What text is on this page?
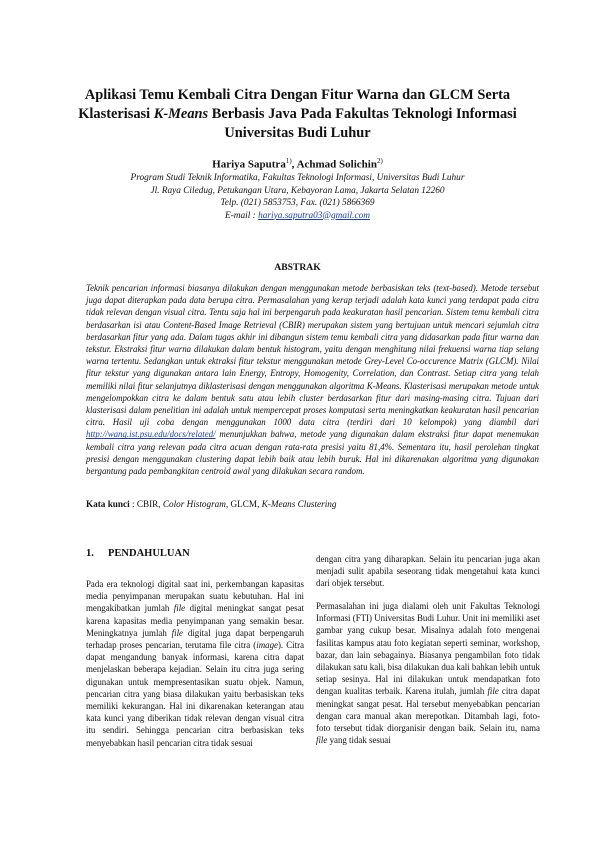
Aplikasi Temu Kembali Citra Dengan Fitur Warna dan GLCM Serta

Klasterisasi K-Means Berbasis Java Pada Fakultas Teknologi Informasi

Universitas Budi Luhur

Hariya Saputra$^{1)}$, Achmad Solichin$^{2)}$

Program Studi Teknik Informatika, Fakultas Teknologi Informasi, Universitas Budi Luhur

Jl. Raya Ciledug, Petukangan Utara, Kebayoran Lama, Jakarta Selatan 12260

Telp. (021) 5853753, Fax. (021) 5866369

E-mail : hariya.saputra03@gmail.com

ABSTRAK

Teknik pencarian informasi biasanya dilakukan dengan menggunakan metode berbasiskan teks (text-based). Metode tersebut juga dapat diterapkan pada data berupa citra. Permasalahan yang kerap terjadi adalah kata kunci yang terdapat pada citra tidak relevan dengan visual citra. Tentu saja hal ini berpengaruh pada keakuratan hasil pencarian. Sistem temu kembali citra berdasarkan isi atau Content-Based Image Retrieval (CBIR) merupakan sistem yang bertujuan untuk mencari sejumlah citra berdasarkan fitur yang ada. Dalam tugas akhir ini dibangun sistem temu kembali citra yang didasarkan pada fitur warna dan tekstur. Ekstraksi fitur warna dilakukan dalam bentuk histogram, yaitu dengan menghitung nilai frekuensi warna tiap selang warna tertentu. Sedangkan untuk ektraksi fitur tekstur menggunakan metode Grey-Level Co-occurence Matrix (GLCM). Nilai fitur tekstur yang digunakan antara lain Energy, Entropy, Homogenity, Correlation, dan Contrast. Setiap citra yang telah memiliki nilai fitur selanjutnya diklasterisasi dengan menggunakan algoritma K-Means. Klasterisasi merupakan metode untuk mengelompokkan citra ke dalam bentuk satu atau lebih cluster berdasarkan fitur dari masing-masing citra. Tujuan dari klasterisasi dalam penelitian ini adalah untuk mempercepat proses komputasi serta meningkatkan keakuratan hasil pencarian citra. Hasil uji coba dengan menggunakan 1000 data citra (terdiri dari 10 kelompok) yang diambil dari http://wang.ist.psu.edu/docs/related/ menunjukkan bahwa, metode yang digunakan dalam ekstraksi fitur dapat menemukan kembali citra yang relevan pada citra acuan dengan rata-rata presisi yaitu 81,4%. Sementara itu, hasil perolehan tingkat presisi dengan menggunakan clustering dapat lebih baik atau lebih buruk. Hal ini dikarenakan algoritma yang digunakan bergantung pada pembangkitan centroid awal yang dilakukan secara random.

Kata kunci : CBIR, Color Histogram, GLCM, K-Means Clustering
1. PENDAHULUAN

Pada era teknologi digital saat ini, perkembangan kapasitas media penyimpanan merupakan suatu kebutuhan. Hal ini mengakibatkan jumlah file digital meningkat sangat pesat karena kapasitas media penyimpanan yang semakin besar. Meningkatnya jumlah file digital juga dapat berpengaruh terhadap proses pencarian, terutama file citra (image). Citra dapat mengandung banyak informasi, karena citra dapat menjelaskan beberapa kejadian. Selain itu citra juga sering digunakan untuk mempresentasikan suatu objek. Namun, pencarian citra yang biasa dilakukan yaitu berbasiskan teks memiliki kekurangan. Hal ini dikarenakan keterangan atau kata kunci yang diberikan tidak relevan dengan visual citra itu sendiri. Sehingga pencarian citra berbasiskan teks menyebabkan hasil pencarian citra tidak sesuai

dengan citra yang diharapkan. Selain itu pencarian juga akan menjadi sulit apabila seseorang tidak mengetahui kata kunci dari objek tersebut.

Permasalahan ini juga dialami oleh unit Fakultas Teknologi Informasi (FTI) Universitas Budi Luhur. Unit ini memiliki aset gambar yang cukup besar. Misalnya adalah foto mengenai fasilitas kampus atau foto kegiatan seperti seminar, workshop, bazar, dan lain sebagainya. Biasanya pengambilan foto tidak dilakukan satu kali, bisa dilakukan dua kali bahkan lebih untuk setiap sesinya. Hal ini dilakukan untuk mendapatkan foto dengan kualitas terbaik. Karena itulah, jumlah file citra dapat meningkat sangat pesat. Hal tersebut menyebabkan pencarian dengan cara manual akan merepotkan. Ditambah lagi, foto-foto tersebut tidak diorganisir dengan baik. Selain itu, nama file yang tidak sesuai
